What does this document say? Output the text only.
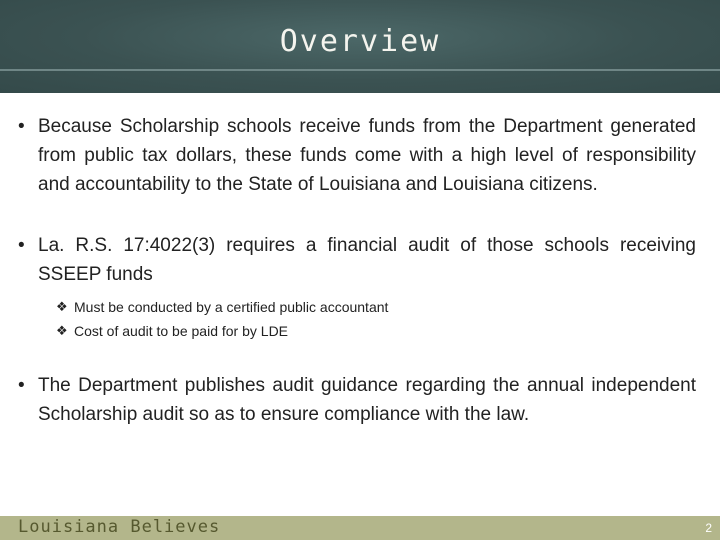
Overview
• Because Scholarship schools receive funds from the Department generated from public tax dollars, these funds come with a high level of responsibility and accountability to the State of Louisiana and Louisiana citizens.
• La. R.S. 17:4022(3) requires a financial audit of those schools receiving SSEEP funds
❖ Must be conducted by a certified public accountant
❖ Cost of audit to be paid for by LDE
• The Department publishes audit guidance regarding the annual independent Scholarship audit so as to ensure compliance with the law.
Louisiana Believes	2
